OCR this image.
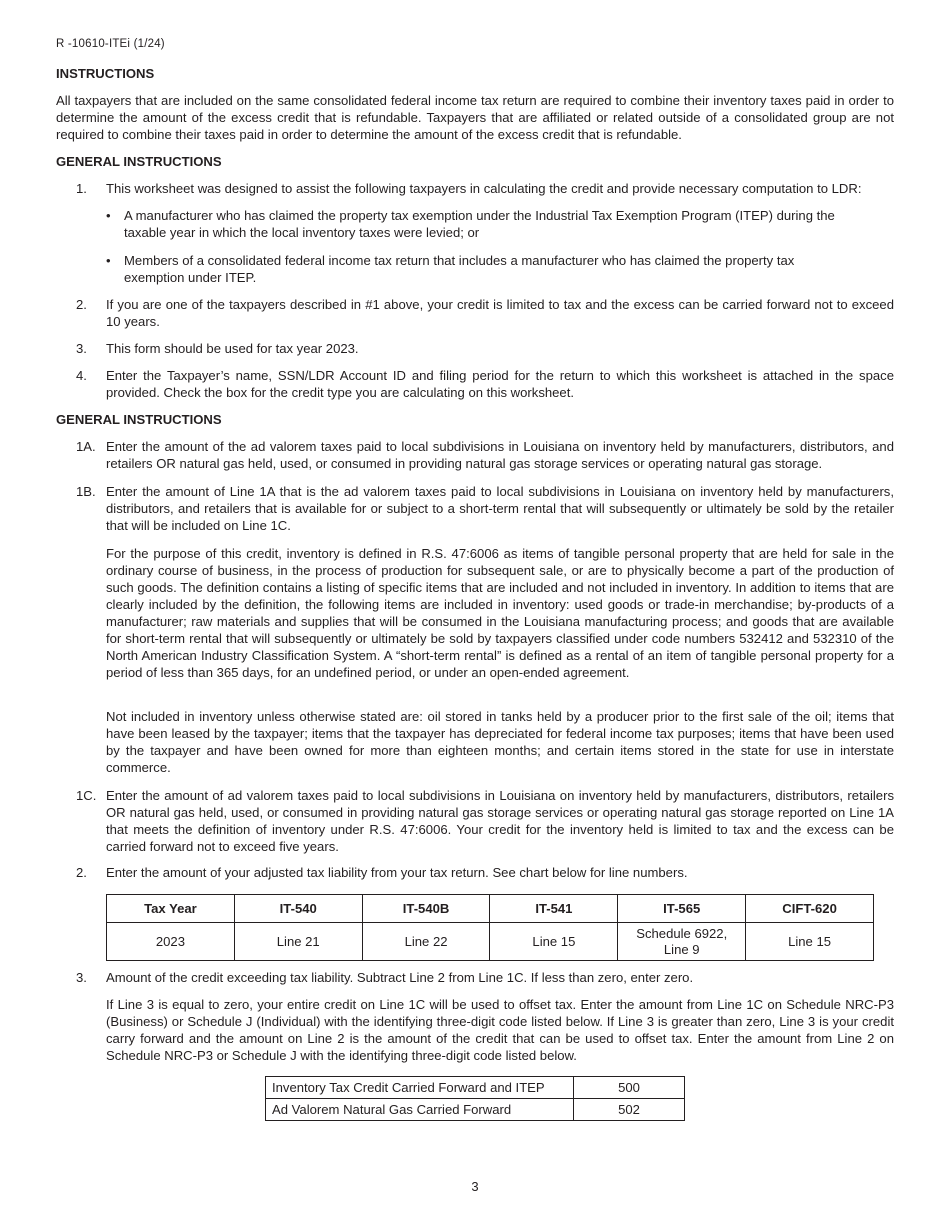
R -10610-ITEi (1/24)
INSTRUCTIONS
All taxpayers that are included on the same consolidated federal income tax return are required to combine their inventory taxes paid in order to determine the amount of the excess credit that is refundable. Taxpayers that are affiliated or related outside of a consolidated group are not required to combine their taxes paid in order to determine the amount of the excess credit that is refundable.
GENERAL INSTRUCTIONS
1.	This worksheet was designed to assist the following taxpayers in calculating the credit and provide necessary computation to LDR:
• A manufacturer who has claimed the property tax exemption under the Industrial Tax Exemption Program (ITEP) during the taxable year in which the local inventory taxes were levied; or
• Members of a consolidated federal income tax return that includes a manufacturer who has claimed the property tax exemption under ITEP.
2.	If you are one of the taxpayers described in #1 above, your credit is limited to tax and the excess can be carried forward not to exceed 10 years.
3.	This form should be used for tax year 2023.
4.	Enter the Taxpayer’s name, SSN/LDR Account ID and filing period for the return to which this worksheet is attached in the space provided. Check the box for the credit type you are calculating on this worksheet.
GENERAL INSTRUCTIONS
1A. Enter the amount of the ad valorem taxes paid to local subdivisions in Louisiana on inventory held by manufacturers, distributors, and retailers OR natural gas held, used, or consumed in providing natural gas storage services or operating natural gas storage.
1B. Enter the amount of Line 1A that is the ad valorem taxes paid to local subdivisions in Louisiana on inventory held by manufacturers, distributors, and retailers that is available for or subject to a short-term rental that will subsequently or ultimately be sold by the retailer that will be included on Line 1C.
For the purpose of this credit, inventory is defined in R.S. 47:6006 as items of tangible personal property that are held for sale in the ordinary course of business, in the process of production for subsequent sale, or are to physically become a part of the production of such goods. The definition contains a listing of specific items that are included and not included in inventory. In addition to items that are clearly included by the definition, the following items are included in inventory: used goods or trade-in merchandise; by-products of a manufacturer; raw materials and supplies that will be consumed in the Louisiana manufacturing process; and goods that are available for short-term rental that will subsequently or ultimately be sold by taxpayers classified under code numbers 532412 and 532310 of the North American Industry Classification System. A “short-term rental” is defined as a rental of an item of tangible personal property for a period of less than 365 days, for an undefined period, or under an open-ended agreement.
Not included in inventory unless otherwise stated are: oil stored in tanks held by a producer prior to the first sale of the oil; items that have been leased by the taxpayer; items that the taxpayer has depreciated for federal income tax purposes; items that have been used by the taxpayer and have been owned for more than eighteen months; and certain items stored in the state for use in interstate commerce.
1C. Enter the amount of ad valorem taxes paid to local subdivisions in Louisiana on inventory held by manufacturers, distributors, retailers OR natural gas held, used, or consumed in providing natural gas storage services or operating natural gas storage reported on Line 1A that meets the definition of inventory under R.S. 47:6006. Your credit for the inventory held is limited to tax and the excess can be carried forward not to exceed five years.
2.	Enter the amount of your adjusted tax liability from your tax return. See chart below for line numbers.
Tax Year	IT-540	IT-540B	IT-541	IT-565	CIFT-620
2023	Line 21	Line 22	Line 15	Schedule 6922, Line 9	Line 15
3.	Amount of the credit exceeding tax liability. Subtract Line 2 from Line 1C. If less than zero, enter zero.
If Line 3 is equal to zero, your entire credit on Line 1C will be used to offset tax. Enter the amount from Line 1C on Schedule NRC-P3 (Business) or Schedule J (Individual) with the identifying three-digit code listed below. If Line 3 is greater than zero, Line 3 is your credit carry forward and the amount on Line 2 is the amount of the credit that can be used to offset tax. Enter the amount from Line 2 on Schedule NRC-P3 or Schedule J with the identifying three-digit code listed below.
Inventory Tax Credit Carried Forward and ITEP	500
Ad Valorem Natural Gas Carried Forward	502
3
